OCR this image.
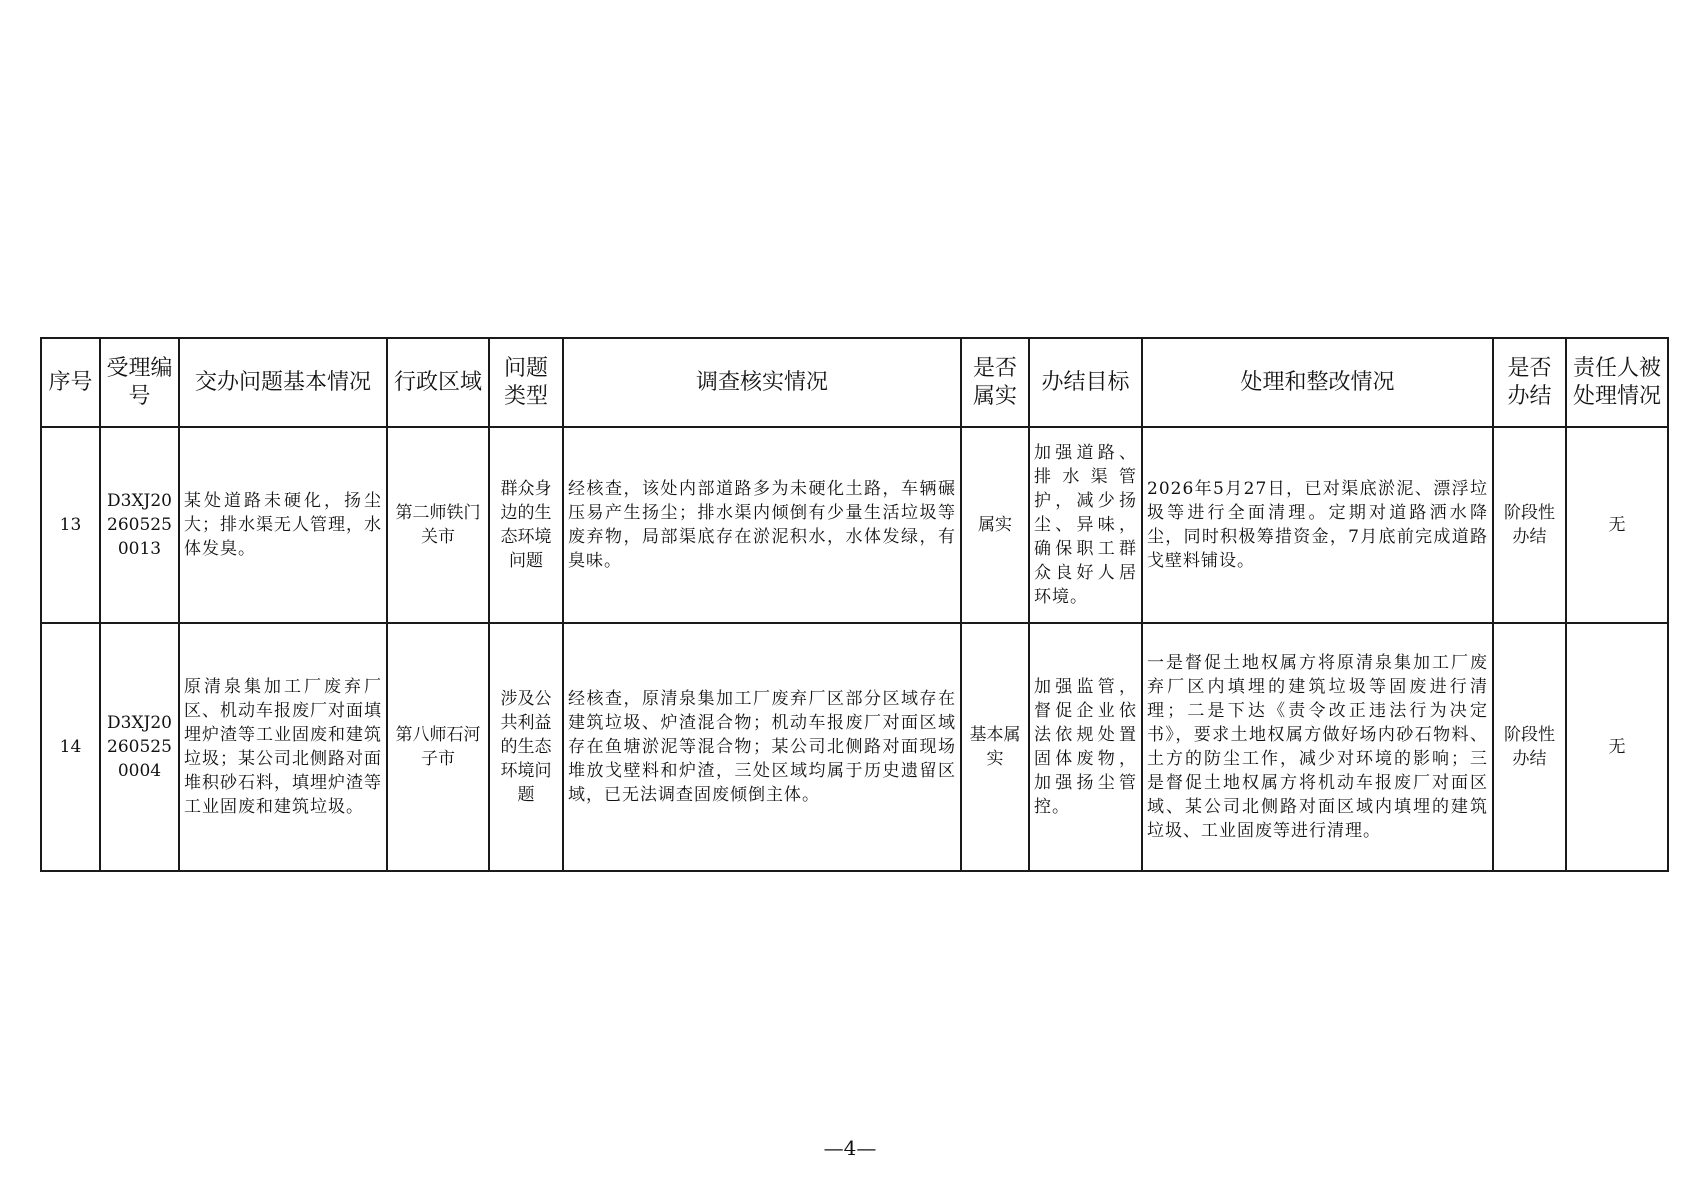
序号	受理编号	交办问题基本情况	行政区域	问题类型	调查核实情况	是否属实	办结目标	处理和整改情况	是否办结	责任人被处理情况
13	D3XJ202605250013	某处道路未硬化，扬尘大；排水渠无人管理，水体发臭。	第二师铁门关市	群众身边的生态环境问题	经核查，该处内部道路多为未硬化土路，车辆碾压易产生扬尘；排水渠内倾倒有少量生活垃圾等废弃物，局部渠底存在淤泥积水，水体发绿，有臭味。	属实	加强道路、排水渠管护，减少扬尘、异味，确保职工群众良好人居环境。	2026年5月27日，已对渠底淤泥、漂浮垃圾等进行全面清理。定期对道路洒水降尘，同时积极筹措资金，7月底前完成道路戈壁料铺设。	阶段性办结	无
14	D3XJ202605250004	原清泉集加工厂废弃厂区、机动车报废厂对面填埋炉渣等工业固废和建筑垃圾；某公司北侧路对面堆积砂石料，填埋炉渣等工业固废和建筑垃圾。	第八师石河子市	涉及公共利益的生态环境问题	经核查，原清泉集加工厂废弃厂区部分区域存在建筑垃圾、炉渣混合物；机动车报废厂对面区域存在鱼塘淤泥等混合物；某公司北侧路对面现场堆放戈壁料和炉渣，三处区域均属于历史遗留区域，已无法调查固废倾倒主体。	基本属实	加强监管，督促企业依法依规处置固体废物，加强扬尘管控。	一是督促土地权属方将原清泉集加工厂废弃厂区内填埋的建筑垃圾等固废进行清理；二是下达《责令改正违法行为决定书》，要求土地权属方做好场内砂石物料、土方的防尘工作，减少对环境的影响；三是督促土地权属方将机动车报废厂对面区域、某公司北侧路对面区域内填埋的建筑垃圾、工业固废等进行清理。	阶段性办结	无
—4—
